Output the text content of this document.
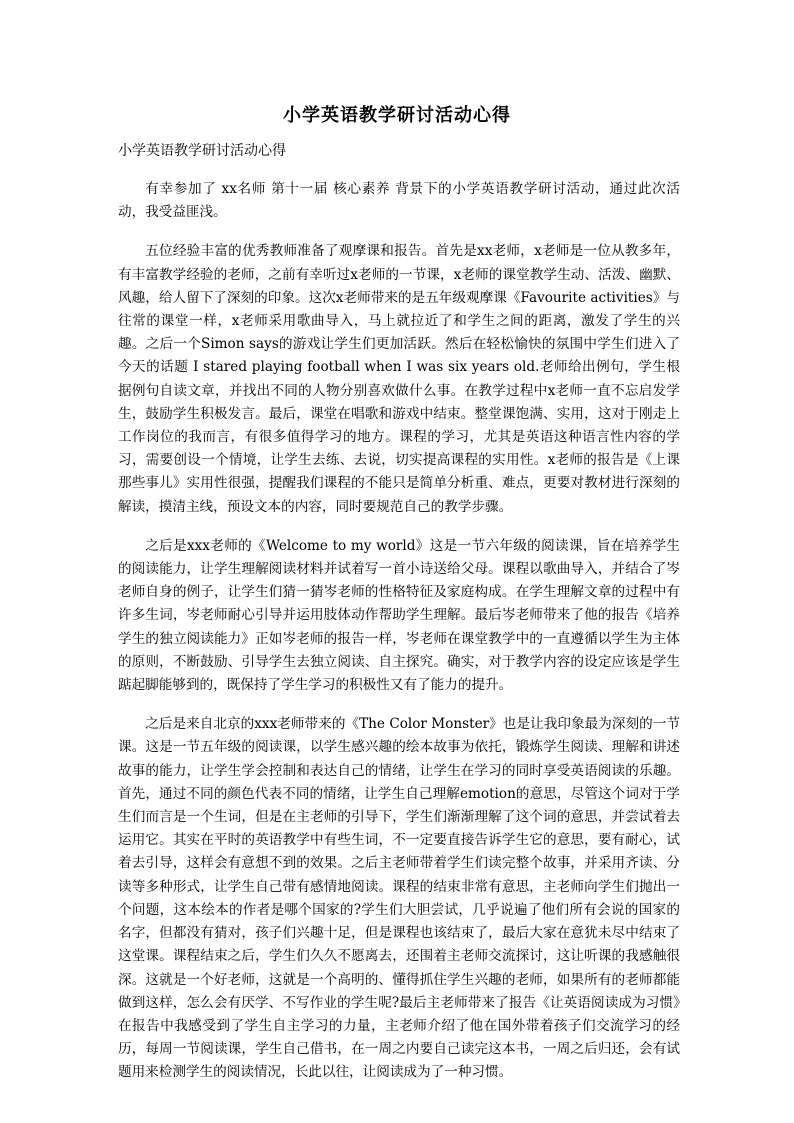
小学英语教学研讨活动心得
小学英语教学研讨活动心得

有幸参加了 xx名师 第十一届 核心素养 背景下的小学英语教学研讨活动，通过此次活动，我受益匪浅。

五位经验丰富的优秀教师准备了观摩课和报告。首先是xx老师，x老师是一位从教多年，有丰富教学经验的老师，之前有幸听过x老师的一节课，x老师的课堂教学生动、活泼、幽默、风趣，给人留下了深刻的印象。这次x老师带来的是五年级观摩课《Favourite activities》与往常的课堂一样，x老师采用歌曲导入，马上就拉近了和学生之间的距离，激发了学生的兴趣。之后一个Simon says的游戏让学生们更加活跃。然后在轻松愉快的氛围中学生们进入了今天的话题 I stared playing football when I was six years old.老师给出例句，学生根据例句自读文章，并找出不同的人物分别喜欢做什么事。在教学过程中x老师一直不忘启发学生，鼓励学生积极发言。最后，课堂在唱歌和游戏中结束。整堂课饱满、实用，这对于刚走上工作岗位的我而言，有很多值得学习的地方。课程的学习，尤其是英语这种语言性内容的学习，需要创设一个情境，让学生去练、去说，切实提高课程的实用性。x老师的报告是《上课那些事儿》实用性很强，提醒我们课程的不能只是简单分析重、难点，更要对教材进行深刻的解读，摸清主线，预设文本的内容，同时要规范自己的教学步骤。

之后是xxx老师的《Welcome to my world》这是一节六年级的阅读课，旨在培养学生的阅读能力，让学生理解阅读材料并试着写一首小诗送给父母。课程以歌曲导入，并结合了岑老师自身的例子，让学生们猜一猜岑老师的性格特征及家庭构成。在学生理解文章的过程中有许多生词，岑老师耐心引导并运用肢体动作帮助学生理解。最后岑老师带来了他的报告《培养学生的独立阅读能力》正如岑老师的报告一样，岑老师在课堂教学中的一直遵循以学生为主体的原则，不断鼓励、引导学生去独立阅读、自主探究。确实，对于教学内容的设定应该是学生踮起脚能够到的，既保持了学生学习的积极性又有了能力的提升。

之后是来自北京的xxx老师带来的《The Color Monster》也是让我印象最为深刻的一节课。这是一节五年级的阅读课，以学生感兴趣的绘本故事为依托，锻炼学生阅读、理解和讲述故事的能力，让学生学会控制和表达自己的情绪，让学生在学习的同时享受英语阅读的乐趣。首先，通过不同的颜色代表不同的情绪，让学生自己理解emotion的意思，尽管这个词对于学生们而言是一个生词，但是在主老师的引导下，学生们渐渐理解了这个词的意思，并尝试着去运用它。其实在平时的英语教学中有些生词，不一定要直接告诉学生它的意思，要有耐心，试着去引导，这样会有意想不到的效果。之后主老师带着学生们读完整个故事，并采用齐读、分读等多种形式，让学生自己带有感情地阅读。课程的结束非常有意思，主老师向学生们抛出一个问题，这本绘本的作者是哪个国家的?学生们大胆尝试，几乎说遍了他们所有会说的国家的名字，但都没有猜对，孩子们兴趣十足，但是课程也该结束了，最后大家在意犹未尽中结束了这堂课。课程结束之后，学生们久久不愿离去，还围着主老师交流探讨，这让听课的我感触很深。这就是一个好老师，这就是一个高明的、懂得抓住学生兴趣的老师，如果所有的老师都能做到这样，怎么会有厌学、不写作业的学生呢?最后主老师带来了报告《让英语阅读成为习惯》在报告中我感受到了学生自主学习的力量，主老师介绍了他在国外带着孩子们交流学习的经历，每周一节阅读课，学生自己借书，在一周之内要自己读完这本书，一周之后归还，会有试题用来检测学生的阅读情况，长此以往，让阅读成为了一种习惯。
